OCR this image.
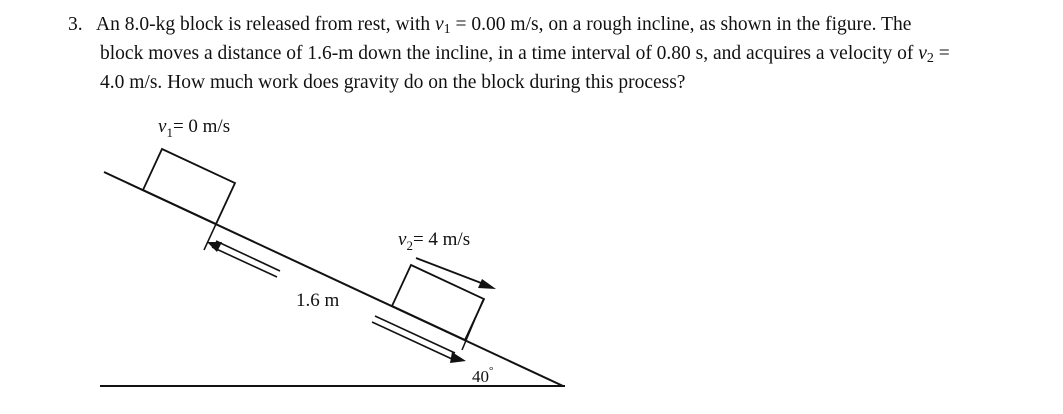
3. An 8.0-kg block is released from rest, with $v_1 = 0.00$ m/s, on a rough incline, as shown in the figure. The
block moves a distance of 1.6-m down the incline, in a time interval of 0.80 s, and acquires a velocity of $v_2$ =
4.0 m/s. How much work does gravity do on the block during this process?
$v_1= 0$ m/s
$v_2= 4$ m/s
1.6 m
40°
